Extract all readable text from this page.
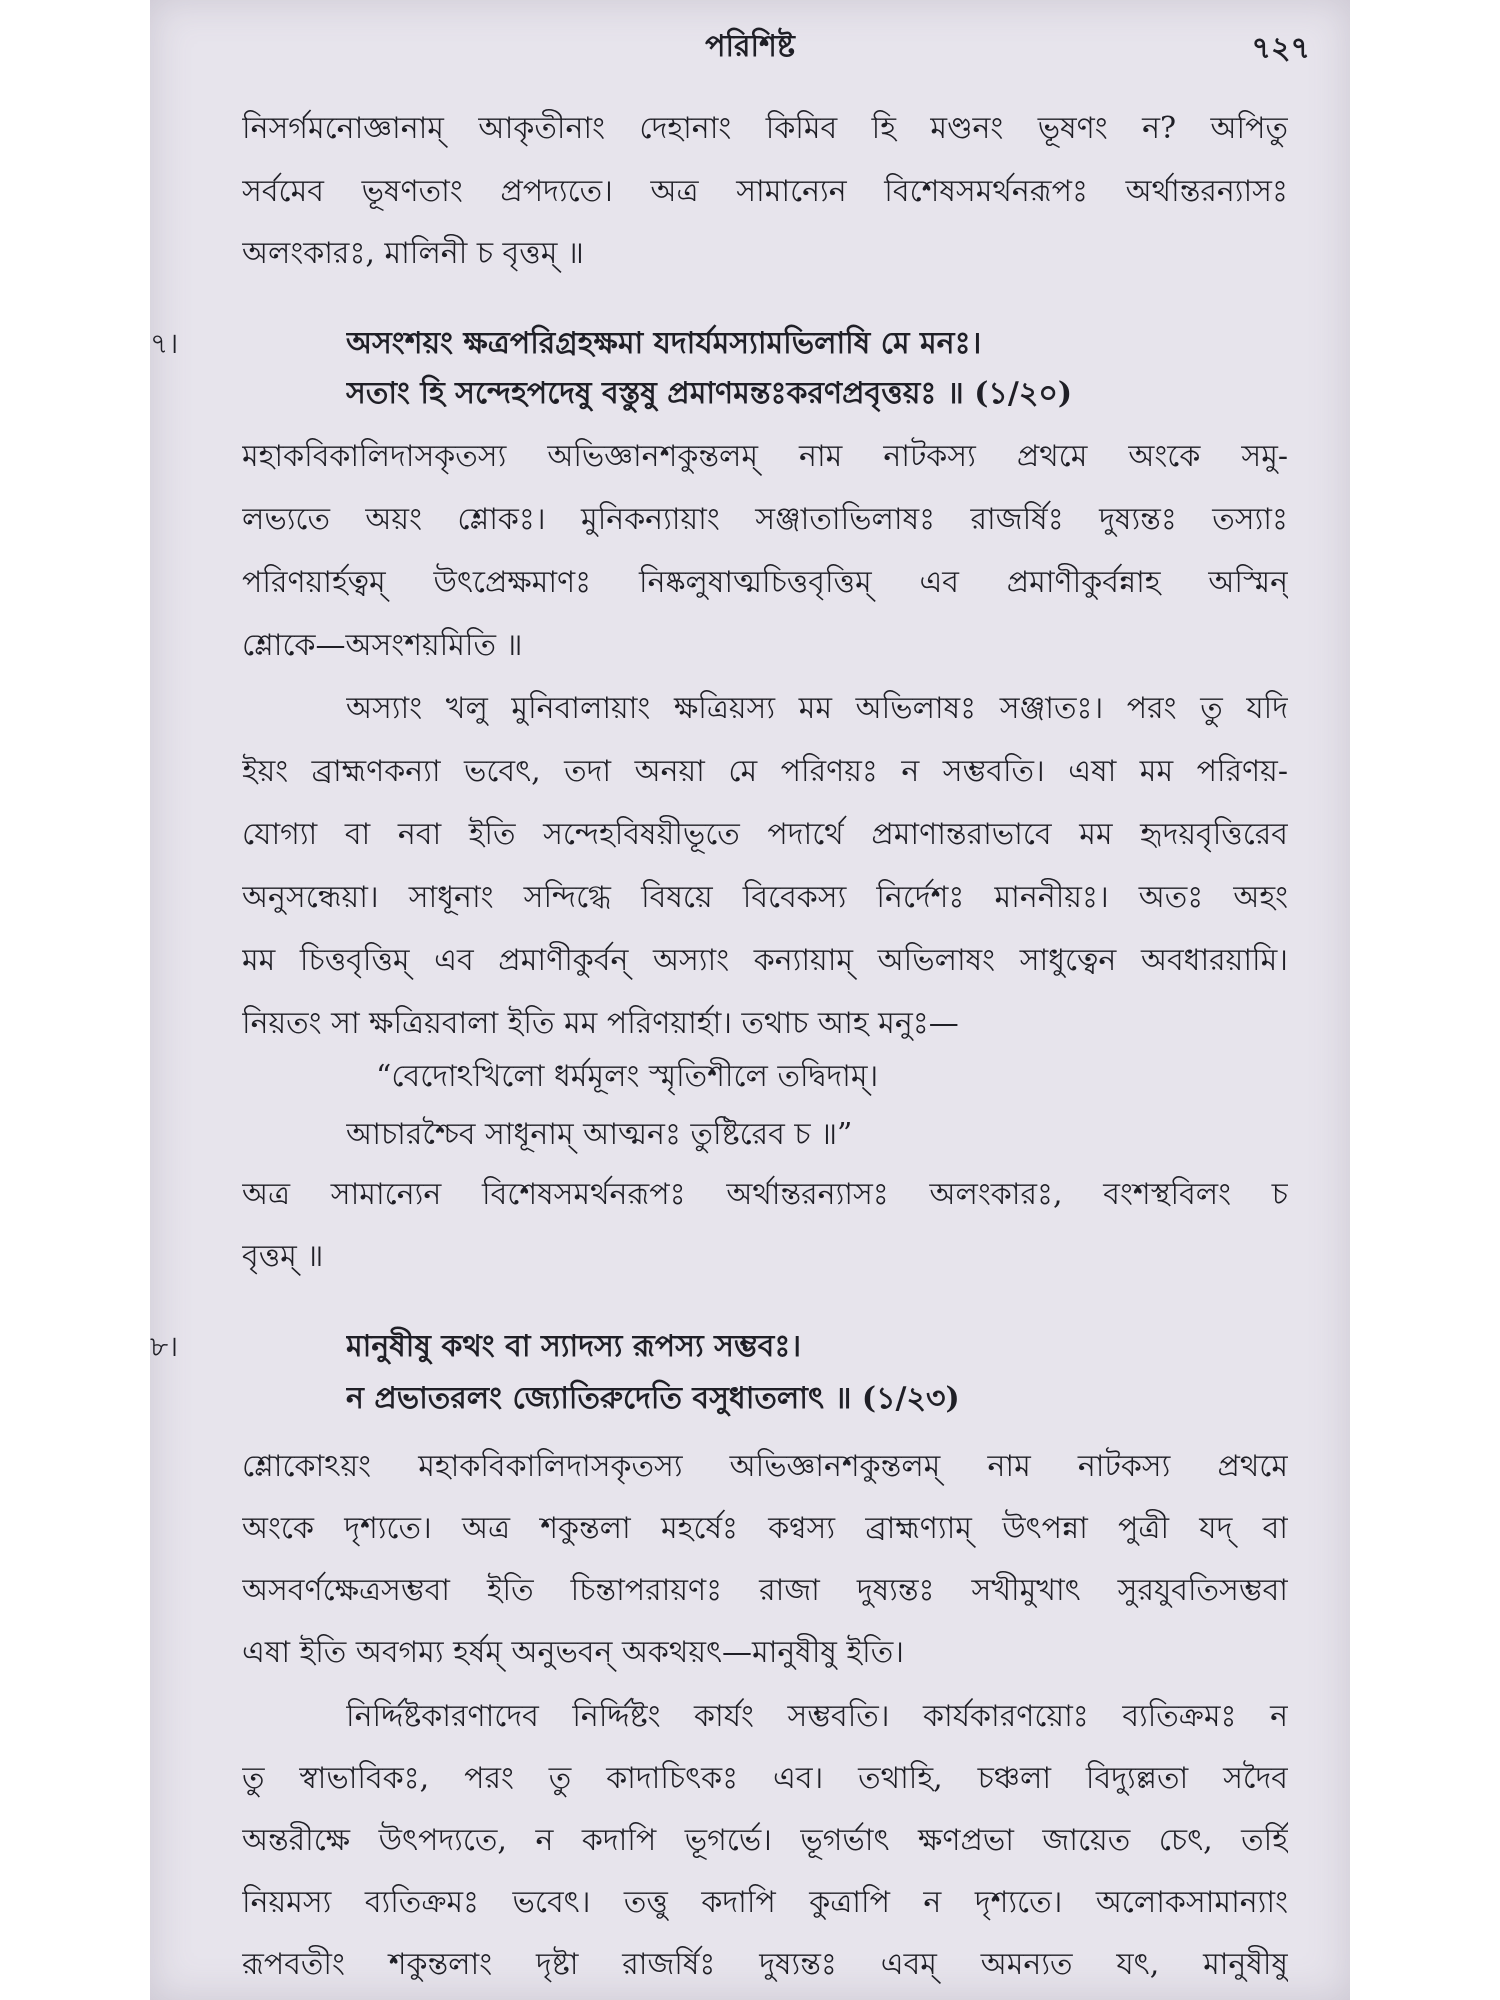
পরিশিষ্ট	৭২৭
নিসর্গমনোজ্ঞানাম্ আকৃতীনাং দেহানাং কিমিব হি মণ্ডনং ভূষণং ন? অপিতু
সর্বমেব ভূষণতাং প্রপদ্যতে। অত্র সামান্যেন বিশেষসমর্থনরূপঃ অর্থান্তরন্যাসঃ
অলংকারঃ, মালিনী চ বৃত্তম্ ॥
৭।	অসংশয়ং ক্ষত্রপরিগ্রহক্ষমা যদার্যমস্যামভিলাষি মে মনঃ।
সতাং হি সন্দেহপদেষু বস্তুষু প্রমাণমন্তঃকরণপ্রবৃত্তয়ঃ ॥ (১/২০)
মহাকবিকালিদাসকৃতস্য অভিজ্ঞানশকুন্তলম্ নাম নাটকস্য প্রথমে অংকে সমু-
লভ্যতে অয়ং শ্লোকঃ। মুনিকন্যায়াং সঞ্জাতাভিলাষঃ রাজর্ষিঃ দুষ্যন্তঃ তস্যাঃ
পরিণয়ার্হত্বম্ উৎপ্রেক্ষমাণঃ নিষ্কলুষাত্মচিত্তবৃত্তিম্ এব প্রমাণীকুর্বন্নাহ অস্মিন্
শ্লোকে—অসংশয়মিতি ॥
অস্যাং খলু মুনিবালায়াং ক্ষত্রিয়স্য মম অভিলাষঃ সঞ্জাতঃ। পরং তু যদি
ইয়ং ব্রাহ্মণকন্যা ভবেৎ, তদা অনয়া মে পরিণয়ঃ ন সম্ভবতি। এষা মম পরিণয়-
যোগ্যা বা নবা ইতি সন্দেহবিষয়ীভূতে পদার্থে প্রমাণান্তরাভাবে মম হৃদয়বৃত্তিরেব
অনুসন্ধেয়া। সাধূনাং সন্দিগ্ধে বিষয়ে বিবেকস্য নির্দেশঃ মাননীয়ঃ। অতঃ অহং
মম চিত্তবৃত্তিম্ এব প্রমাণীকুর্বন্ অস্যাং কন্যায়াম্ অভিলাষং সাধুত্বেন অবধারয়ামি।
নিয়তং সা ক্ষত্রিয়বালা ইতি মম পরিণয়ার্হা। তথাচ আহ মনুঃ—
“বেদোঽখিলো ধর্মমূলং স্মৃতিশীলে তদ্বিদাম্।
আচারশ্চৈব সাধূনাম্ আত্মনঃ তুষ্টিরেব চ ॥”
অত্র সামান্যেন বিশেষসমর্থনরূপঃ অর্থান্তরন্যাসঃ অলংকারঃ, বংশস্থবিলং চ
বৃত্তম্ ॥
৮।	মানুষীষু কথং বা স্যাদস্য রূপস্য সম্ভবঃ।
ন প্রভাতরলং জ্যোতিরুদেতি বসুধাতলাৎ ॥ (১/২৩)
শ্লোকোঽয়ং মহাকবিকালিদাসকৃতস্য অভিজ্ঞানশকুন্তলম্ নাম নাটকস্য প্রথমে
অংকে দৃশ্যতে। অত্র শকুন্তলা মহর্ষেঃ কণ্বস্য ব্রাহ্মণ্যাম্ উৎপন্না পুত্রী যদ্ বা
অসবর্ণক্ষেত্রসম্ভবা ইতি চিন্তাপরায়ণঃ রাজা দুষ্যন্তঃ সখীমুখাৎ সুরযুবতিসম্ভবা
এষা ইতি অবগম্য হর্ষম্ অনুভবন্ অকথয়ৎ—মানুষীষু ইতি।
নির্দ্দিষ্টকারণাদেব নির্দ্দিষ্টং কার্যং সম্ভবতি। কার্যকারণয়োঃ ব্যতিক্রমঃ ন
তু স্বাভাবিকঃ, পরং তু কাদাচিৎকঃ এব। তথাহি, চঞ্চলা বিদ্যুল্লতা সদৈব
অন্তরীক্ষে উৎপদ্যতে, ন কদাপি ভূগর্ভে। ভূগর্ভাৎ ক্ষণপ্রভা জায়েত চেৎ, তর্হি
নিয়মস্য ব্যতিক্রমঃ ভবেৎ। তত্তু কদাপি কুত্রাপি ন দৃশ্যতে। অলোকসামান্যাং
রূপবতীং শকুন্তলাং দৃষ্টা রাজর্ষিঃ দুষ্যন্তঃ এবম্ অমন্যত যৎ, মানুষীষু
